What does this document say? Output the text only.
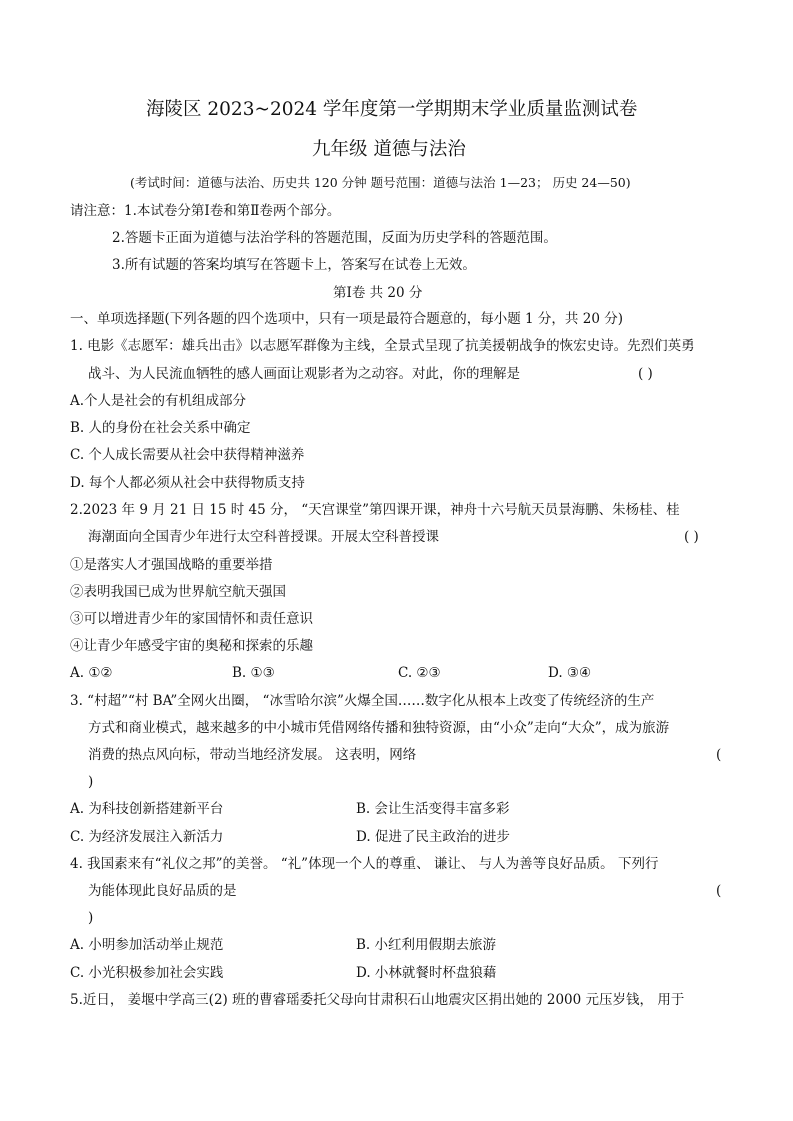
海陵区 2023~2024 学年度第一学期期末学业质量监测试卷
九年级 道德与法治
(考试时间：道德与法治、历史共 120 分钟 题号范围：道德与法治 1—23； 历史 24—50)
请注意：1.本试卷分第Ⅰ卷和第Ⅱ卷两个部分。
2.答题卡正面为道德与法治学科的答题范围，反面为历史学科的答题范围。
3.所有试题的答案均填写在答题卡上，答案写在试卷上无效。
第Ⅰ卷 共 20 分
一、单项选择题(下列各题的四个选项中，只有一项是最符合题意的，每小题 1 分，共 20 分)
1. 电影《志愿军：雄兵出击》以志愿军群像为主线，全景式呈现了抗美援朝战争的恢宏史诗。先烈们英勇
战斗、为人民流血牺牲的感人画面让观影者为之动容。对此，你的理解是	( )
A.个人是社会的有机组成部分
B. 人的身份在社会关系中确定
C. 个人成长需要从社会中获得精神滋养
D. 每个人都必须从社会中获得物质支持
2.2023 年 9 月 21 日 15 时 45 分， “天宫课堂”第四课开课，神舟十六号航天员景海鹏、朱杨桂、桂
海潮面向全国青少年进行太空科普授课。开展太空科普授课	( )
①是落实人才强国战略的重要举措
②表明我国已成为世界航空航天强国
③可以增进青少年的家国情怀和责任意识
④让青少年感受宇宙的奥秘和探索的乐趣
A. ①②	B. ①③	C. ②③	D. ③④
3. “村超”“村 BA”全网火出圈， “冰雪哈尔滨”火爆全国……数字化从根本上改变了传统经济的生产
方式和商业模式，越来越多的中小城市凭借网络传播和独特资源，由“小众”走向“大众”，成为旅游
消费的热点风向标，带动当地经济发展。 这表明，网络	(
)
A. 为科技创新搭建新平台	B. 会让生活变得丰富多彩
C. 为经济发展注入新活力	D. 促进了民主政治的进步
4. 我国素来有“礼仪之邦”的美誉。 “礼”体现一个人的尊重、 谦让、 与人为善等良好品质。 下列行
为能体现此良好品质的是	(
)
A. 小明参加活动举止规范	B. 小红利用假期去旅游
C. 小光积极参加社会实践	D. 小林就餐时杯盘狼藉
5.近日， 姜堰中学高三(2) 班的曹睿瑶委托父母向甘肃积石山地震灾区捐出她的 2000 元压岁钱， 用于
